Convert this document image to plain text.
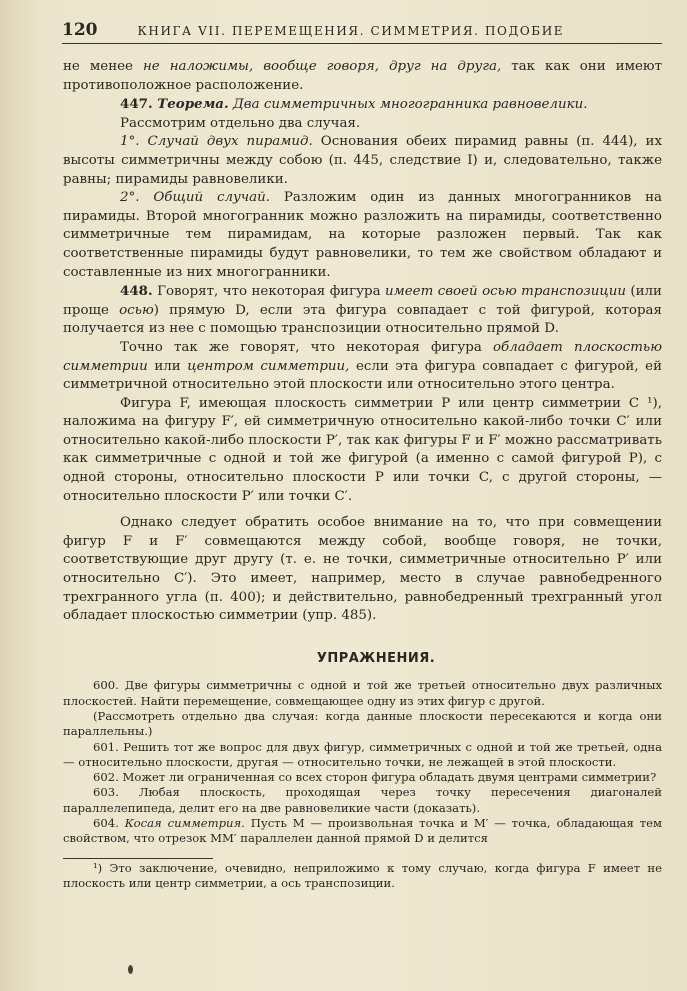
120	КНИГА VII. ПЕРЕМЕЩЕНИЯ. СИММЕТРИЯ. ПОДОБИЕ

не менее не наложимы, вообще говоря, друг на друга, так как они имеют противоположное расположение.

447. Теорема. Два симметричных многогранника равновелики.

Рассмотрим отдельно два случая.

1°. Случай двух пирамид. Основания обеих пирамид равны (п. 444), их высоты симметричны между собою (п. 445, следствие I) и, следовательно, также равны; пирамиды равновелики.

2°. Общий случай. Разложим один из данных многогранников на пирамиды. Второй многогранник можно разложить на пирамиды, соответственно симметричные тем пирамидам, на которые разложен первый. Так как соответственные пирамиды будут равновелики, то тем же свойством обладают и составленные из них многогранники.

448. Говорят, что некоторая фигура имеет своей осью транспозиции (или проще осью) прямую D, если эта фигура совпадает с той фигурой, которая получается из нее с помощью транспозиции относительно прямой D.

Точно так же говорят, что некоторая фигура обладает плоскостью симметрии или центром симметрии, если эта фигура совпадает с фигурой, ей симметричной относительно этой плоскости или относительно этого центра.

Фигура F, имеющая плоскость симметрии P или центр симметрии C ¹), наложима на фигуру F′, ей симметричную относительно какой-либо точки C′ или относительно какой-либо плоскости P′, так как фигуры F и F′ можно рассматривать как симметричные с одной и той же фигурой (а именно с самой фигурой P), с одной стороны, относительно плоскости P или точки C, с другой стороны, — относительно плоскости P′ или точки C′.

Однако следует обратить особое внимание на то, что при совмещении фигур F и F′ совмещаются между собой, вообще говоря, не точки, соответствующие друг другу (т. е. не точки, симметричные относительно P′ или относительно C′). Это имеет, например, место в случае равнобедренного трехгранного угла (п. 400); и действительно, равнобедренный трехгранный угол обладает плоскостью симметрии (упр. 485).

УПРАЖНЕНИЯ.

600. Две фигуры симметричны с одной и той же третьей относительно двух различных плоскостей. Найти перемещение, совмещающее одну из этих фигур с другой.

(Рассмотреть отдельно два случая: когда данные плоскости пересекаются и когда они параллельны.)

601. Решить тот же вопрос для двух фигур, симметричных с одной и той же третьей, одна — относительно плоскости, другая — относительно точки, не лежащей в этой плоскости.

602. Может ли ограниченная со всех сторон фигура обладать двумя центрами симметрии?

603. Любая плоскость, проходящая через точку пересечения диагоналей параллелепипеда, делит его на две равновеликие части (доказать).

604. Косая симметрия. Пусть M — произвольная точка и M′ — точка, обладающая тем свойством, что отрезок MM′ параллелен данной прямой D и делится

¹) Это заключение, очевидно, неприложимо к тому случаю, когда фигура F имеет не плоскость или центр симметрии, а ось транспозиции.
